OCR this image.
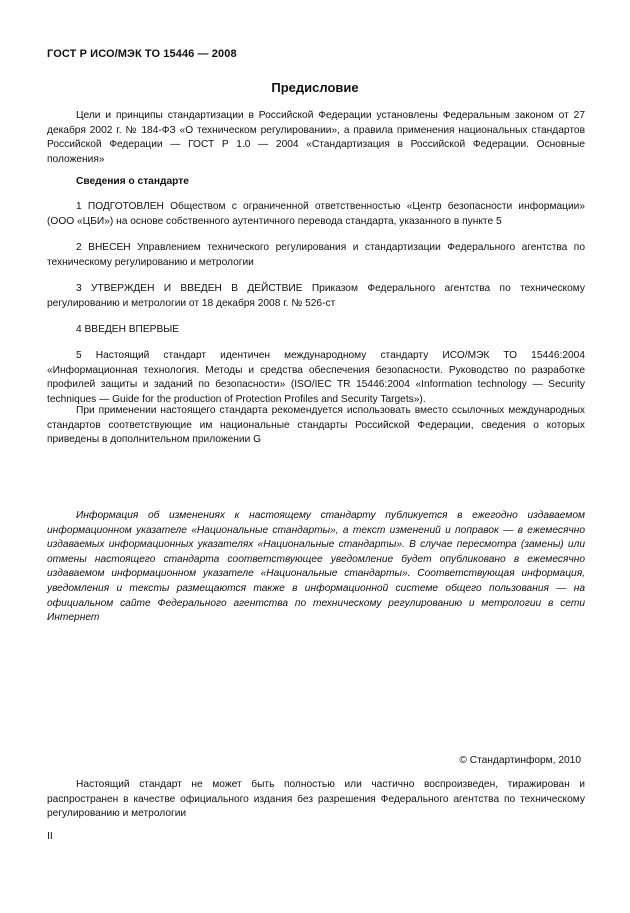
ГОСТ Р ИСО/МЭК ТО 15446 — 2008
Предисловие

Цели и принципы стандартизации в Российской Федерации установлены Федеральным законом от 27 декабря 2002 г. № 184-ФЗ «О техническом регулировании», а правила применения национальных стандартов Российской Федерации — ГОСТ Р 1.0 — 2004 «Стандартизация в Российской Федерации. Основные положения»

Сведения о стандарте

1 ПОДГОТОВЛЕН Обществом с ограниченной ответственностью «Центр безопасности информации» (ООО «ЦБИ») на основе собственного аутентичного перевода стандарта, указанного в пункте 5

2 ВНЕСЕН Управлением технического регулирования и стандартизации Федерального агентства по техническому регулированию и метрологии

3 УТВЕРЖДЕН И ВВЕДЕН В ДЕЙСТВИЕ Приказом Федерального агентства по техническому регулированию и метрологии от 18 декабря 2008 г. № 526-ст

4 ВВЕДЕН ВПЕРВЫЕ

5 Настоящий стандарт идентичен международному стандарту ИСО/МЭК ТО 15446:2004 «Информационная технология. Методы и средства обеспечения безопасности. Руководство по разработке профилей защиты и заданий по безопасности» (ISO/IEC TR 15446:2004 «Information technology — Security techniques — Guide for the production of Protection Profiles and Security Targets»).

При применении настоящего стандарта рекомендуется использовать вместо ссылочных международных стандартов соответствующие им национальные стандарты Российской Федерации, сведения о которых приведены в дополнительном приложении G

Информация об изменениях к настоящему стандарту публикуется в ежегодно издаваемом информационном указателе «Национальные стандарты», а текст изменений и поправок — в ежемесячно издаваемых информационных указателях «Национальные стандарты». В случае пересмотра (замены) или отмены настоящего стандарта соответствующее уведомление будет опубликовано в ежемесячно издаваемом информационном указателе «Национальные стандарты». Соответствующая информация, уведомления и тексты размещаются также в информационной системе общего пользования — на официальном сайте Федерального агентства по техническому регулированию и метрологии в сети Интернет

© Стандартинформ, 2010

Настоящий стандарт не может быть полностью или частично воспроизведен, тиражирован и распространен в качестве официального издания без разрешения Федерального агентства по техническому регулированию и метрологии

II
